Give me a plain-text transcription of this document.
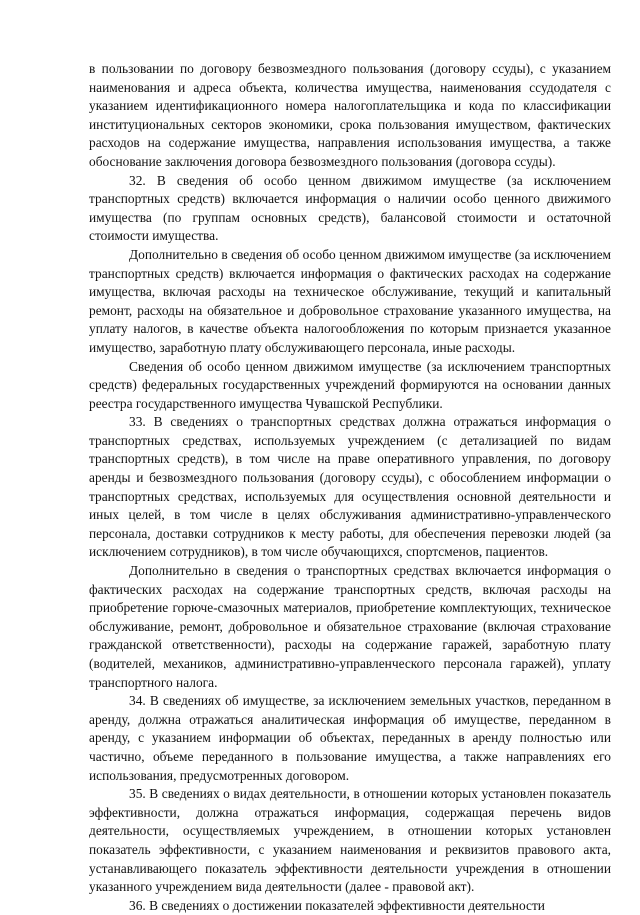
в пользовании по договору безвозмездного пользования (договору ссуды), с указанием наименования и адреса объекта, количества имущества, наименования ссудодателя с указанием идентификационного номера налогоплательщика и кода по классификации институциональных секторов экономики, срока пользования имуществом, фактических расходов на содержание имущества, направления использования имущества, а также обоснование заключения договора безвозмездного пользования (договора ссуды).

32. В сведения об особо ценном движимом имуществе (за исключением транспортных средств) включается информация о наличии особо ценного движимого имущества (по группам основных средств), балансовой стоимости и остаточной стоимости имущества.

Дополнительно в сведения об особо ценном движимом имуществе (за исключением транспортных средств) включается информация о фактических расходах на содержание имущества, включая расходы на техническое обслуживание, текущий и капитальный ремонт, расходы на обязательное и добровольное страхование указанного имущества, на уплату налогов, в качестве объекта налогообложения по которым признается указанное имущество, заработную плату обслуживающего персонала, иные расходы.

Сведения об особо ценном движимом имуществе (за исключением транспортных средств) федеральных государственных учреждений формируются на основании данных реестра государственного имущества Чувашской Республики.

33. В сведениях о транспортных средствах должна отражаться информация о транспортных средствах, используемых учреждением (с детализацией по видам транспортных средств), в том числе на праве оперативного управления, по договору аренды и безвозмездного пользования (договору ссуды), с обособлением информации о транспортных средствах, используемых для осуществления основной деятельности и иных целей, в том числе в целях обслуживания административно-управленческого персонала, доставки сотрудников к месту работы, для обеспечения перевозки людей (за исключением сотрудников), в том числе обучающихся, спортсменов, пациентов.

Дополнительно в сведения о транспортных средствах включается информация о фактических расходах на содержание транспортных средств, включая расходы на приобретение горюче-смазочных материалов, приобретение комплектующих, техническое обслуживание, ремонт, добровольное и обязательное страхование (включая страхование гражданской ответственности), расходы на содержание гаражей, заработную плату (водителей, механиков, административно-управленческого персонала гаражей), уплату транспортного налога.

34. В сведениях об имуществе, за исключением земельных участков, переданном в аренду, должна отражаться аналитическая информация об имуществе, переданном в аренду, с указанием информации об объектах, переданных в аренду полностью или частично, объеме переданного в пользование имущества, а также направлениях его использования, предусмотренных договором.

35. В сведениях о видах деятельности, в отношении которых установлен показатель эффективности, должна отражаться информация, содержащая перечень видов деятельности, осуществляемых учреждением, в отношении которых установлен показатель эффективности, с указанием наименования и реквизитов правового акта, устанавливающего показатель эффективности деятельности учреждения в отношении указанного учреждением вида деятельности (далее - правовой акт).

36. В сведениях о достижении показателей эффективности деятельности
